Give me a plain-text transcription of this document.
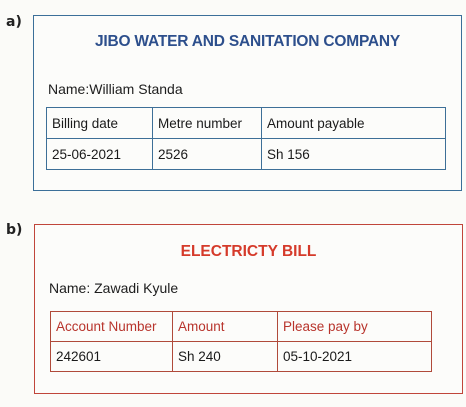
a)
JIBO WATER AND SANITATION COMPANY
Name:William Standa
Billing date	Metre number	Amount payable
25-06-2021	2526	Sh 156
b)
ELECTRICTY BILL
Name: Zawadi Kyule
Account Number	Amount	Please pay by
242601	Sh 240	05-10-2021
